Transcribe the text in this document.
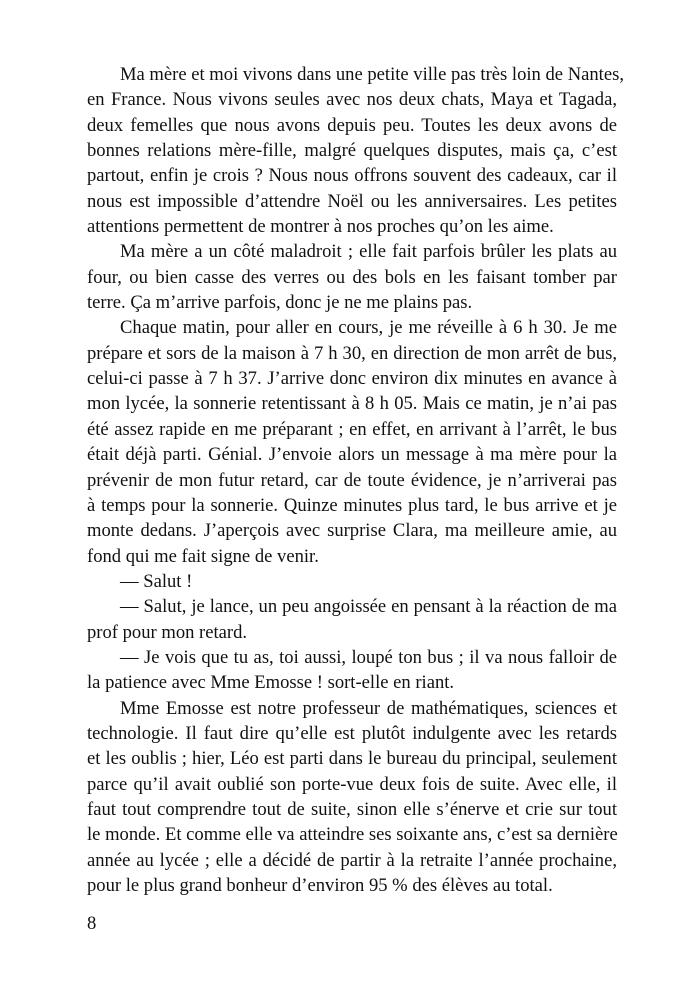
Ma mère et moi vivons dans une petite ville pas très loin de Nantes,
en France. Nous vivons seules avec nos deux chats, Maya et Tagada,
deux femelles que nous avons depuis peu. Toutes les deux avons de
bonnes relations mère-fille, malgré quelques disputes, mais ça, c’est
partout, enfin je crois ? Nous nous offrons souvent des cadeaux, car il
nous est impossible d’attendre Noël ou les anniversaires. Les petites
attentions permettent de montrer à nos proches qu’on les aime.
Ma mère a un côté maladroit ; elle fait parfois brûler les plats au
four, ou bien casse des verres ou des bols en les faisant tomber par
terre. Ça m’arrive parfois, donc je ne me plains pas.
Chaque matin, pour aller en cours, je me réveille à 6 h 30. Je me
prépare et sors de la maison à 7 h 30, en direction de mon arrêt de bus,
celui-ci passe à 7 h 37. J’arrive donc environ dix minutes en avance à
mon lycée, la sonnerie retentissant à 8 h 05. Mais ce matin, je n’ai pas
été assez rapide en me préparant ; en effet, en arrivant à l’arrêt, le bus
était déjà parti. Génial. J’envoie alors un message à ma mère pour la
prévenir de mon futur retard, car de toute évidence, je n’arriverai pas
à temps pour la sonnerie. Quinze minutes plus tard, le bus arrive et je
monte dedans. J’aperçois avec surprise Clara, ma meilleure amie, au
fond qui me fait signe de venir.
— Salut !
— Salut, je lance, un peu angoissée en pensant à la réaction de ma
prof pour mon retard.
— Je vois que tu as, toi aussi, loupé ton bus ; il va nous falloir de
la patience avec Mme Emosse ! sort-elle en riant.
Mme Emosse est notre professeur de mathématiques, sciences et
technologie. Il faut dire qu’elle est plutôt indulgente avec les retards
et les oublis ; hier, Léo est parti dans le bureau du principal, seulement
parce qu’il avait oublié son porte-vue deux fois de suite. Avec elle, il
faut tout comprendre tout de suite, sinon elle s’énerve et crie sur tout
le monde. Et comme elle va atteindre ses soixante ans, c’est sa dernière
année au lycée ; elle a décidé de partir à la retraite l’année prochaine,
pour le plus grand bonheur d’environ 95 % des élèves au total.
8
